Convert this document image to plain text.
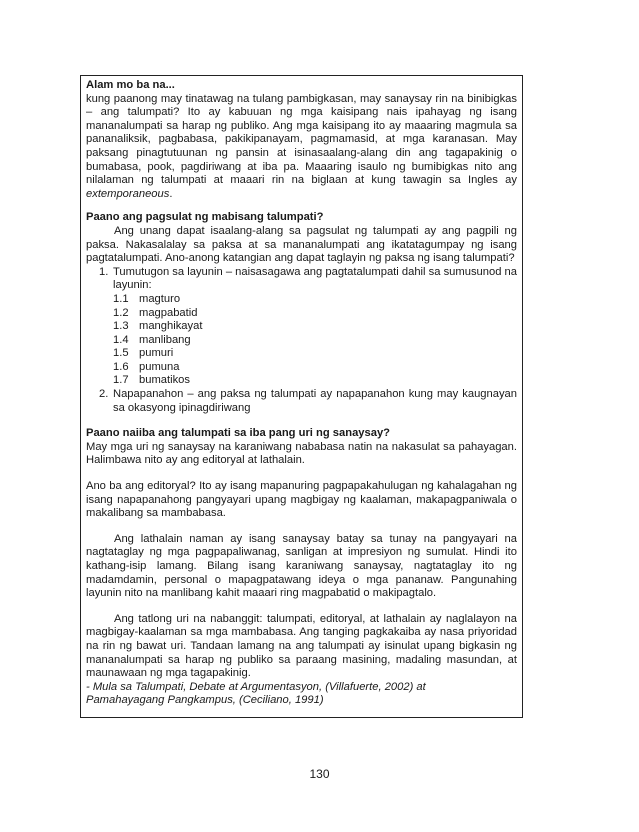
Alam mo ba na...

kung paanong may tinatawag na tulang pambigkasan, may sanaysay rin na binibigkas – ang talumpati? Ito ay kabuuan ng mga kaisipang nais ipahayag ng isang mananalumpati sa harap ng publiko. Ang mga kaisipang ito ay maaaring magmula sa pananaliksik, pagbabasa, pakikipanayam, pagmamasid, at mga karanasan. May paksang pinagtutuunan ng pansin at isinasaalang-alang din ang tagapakinig o bumabasa, pook, pagdiriwang at iba pa. Maaaring isaulo ng bumibigkas nito ang nilalaman ng talumpati at maaari rin na biglaan at kung tawagin sa Ingles ay extemporaneous.

Paano ang pagsulat ng mabisang talumpati?

Ang unang dapat isaalang-alang sa pagsulat ng talumpati ay ang pagpili ng paksa. Nakasalalay sa paksa at sa mananalumpati ang ikatatagumpay ng isang pagtatalumpati. Ano-anong katangian ang dapat taglayin ng paksa ng isang talumpati?

1. Tumutugon sa layunin – naisasagawa ang pagtatalumpati dahil sa sumusunod na layunin:
1.1 magturo
1.2 magpabatid
1.3 manghikayat
1.4 manlibang
1.5 pumuri
1.6 pumuna
1.7 bumatikos
2. Napapanahon – ang paksa ng talumpati ay napapanahon kung may kaugnayan sa okasyong ipinagdiriwang

Paano naiiba ang talumpati sa iba pang uri ng sanaysay?

May mga uri ng sanaysay na karaniwang nababasa natin na nakasulat sa pahayagan. Halimbawa nito ay ang editoryal at lathalain.

Ano ba ang editoryal? Ito ay isang mapanuring pagpapakahulugan ng kahalagahan ng isang napapanahong pangyayari upang magbigay ng kaalaman, makapagpaniwala o makalibang sa mambabasa.

Ang lathalain naman ay isang sanaysay batay sa tunay na pangyayari na nagtataglay ng mga pagpapaliwanag, sanligan at impresiyon ng sumulat. Hindi ito kathang-isip lamang. Bilang isang karaniwang sanaysay, nagtataglay ito ng madamdamin, personal o mapagpatawang ideya o mga pananaw. Pangunahing layunin nito na manlibang kahit maaari ring magpabatid o makipagtalo.

Ang tatlong uri na nabanggit: talumpati, editoryal, at lathalain ay naglalayon na magbigay-kaalaman sa mga mambabasa. Ang tanging pagkakaiba ay nasa priyoridad na rin ng bawat uri. Tandaan lamang na ang talumpati ay isinulat upang bigkasin ng mananalumpati sa harap ng publiko sa paraang masining, madaling masundan, at maunawaan ng mga tagapakinig.

- Mula sa Talumpati, Debate at Argumentasyon, (Villafuerte, 2002) at
Pamahayagang Pangkampus, (Ceciliano, 1991)

130
